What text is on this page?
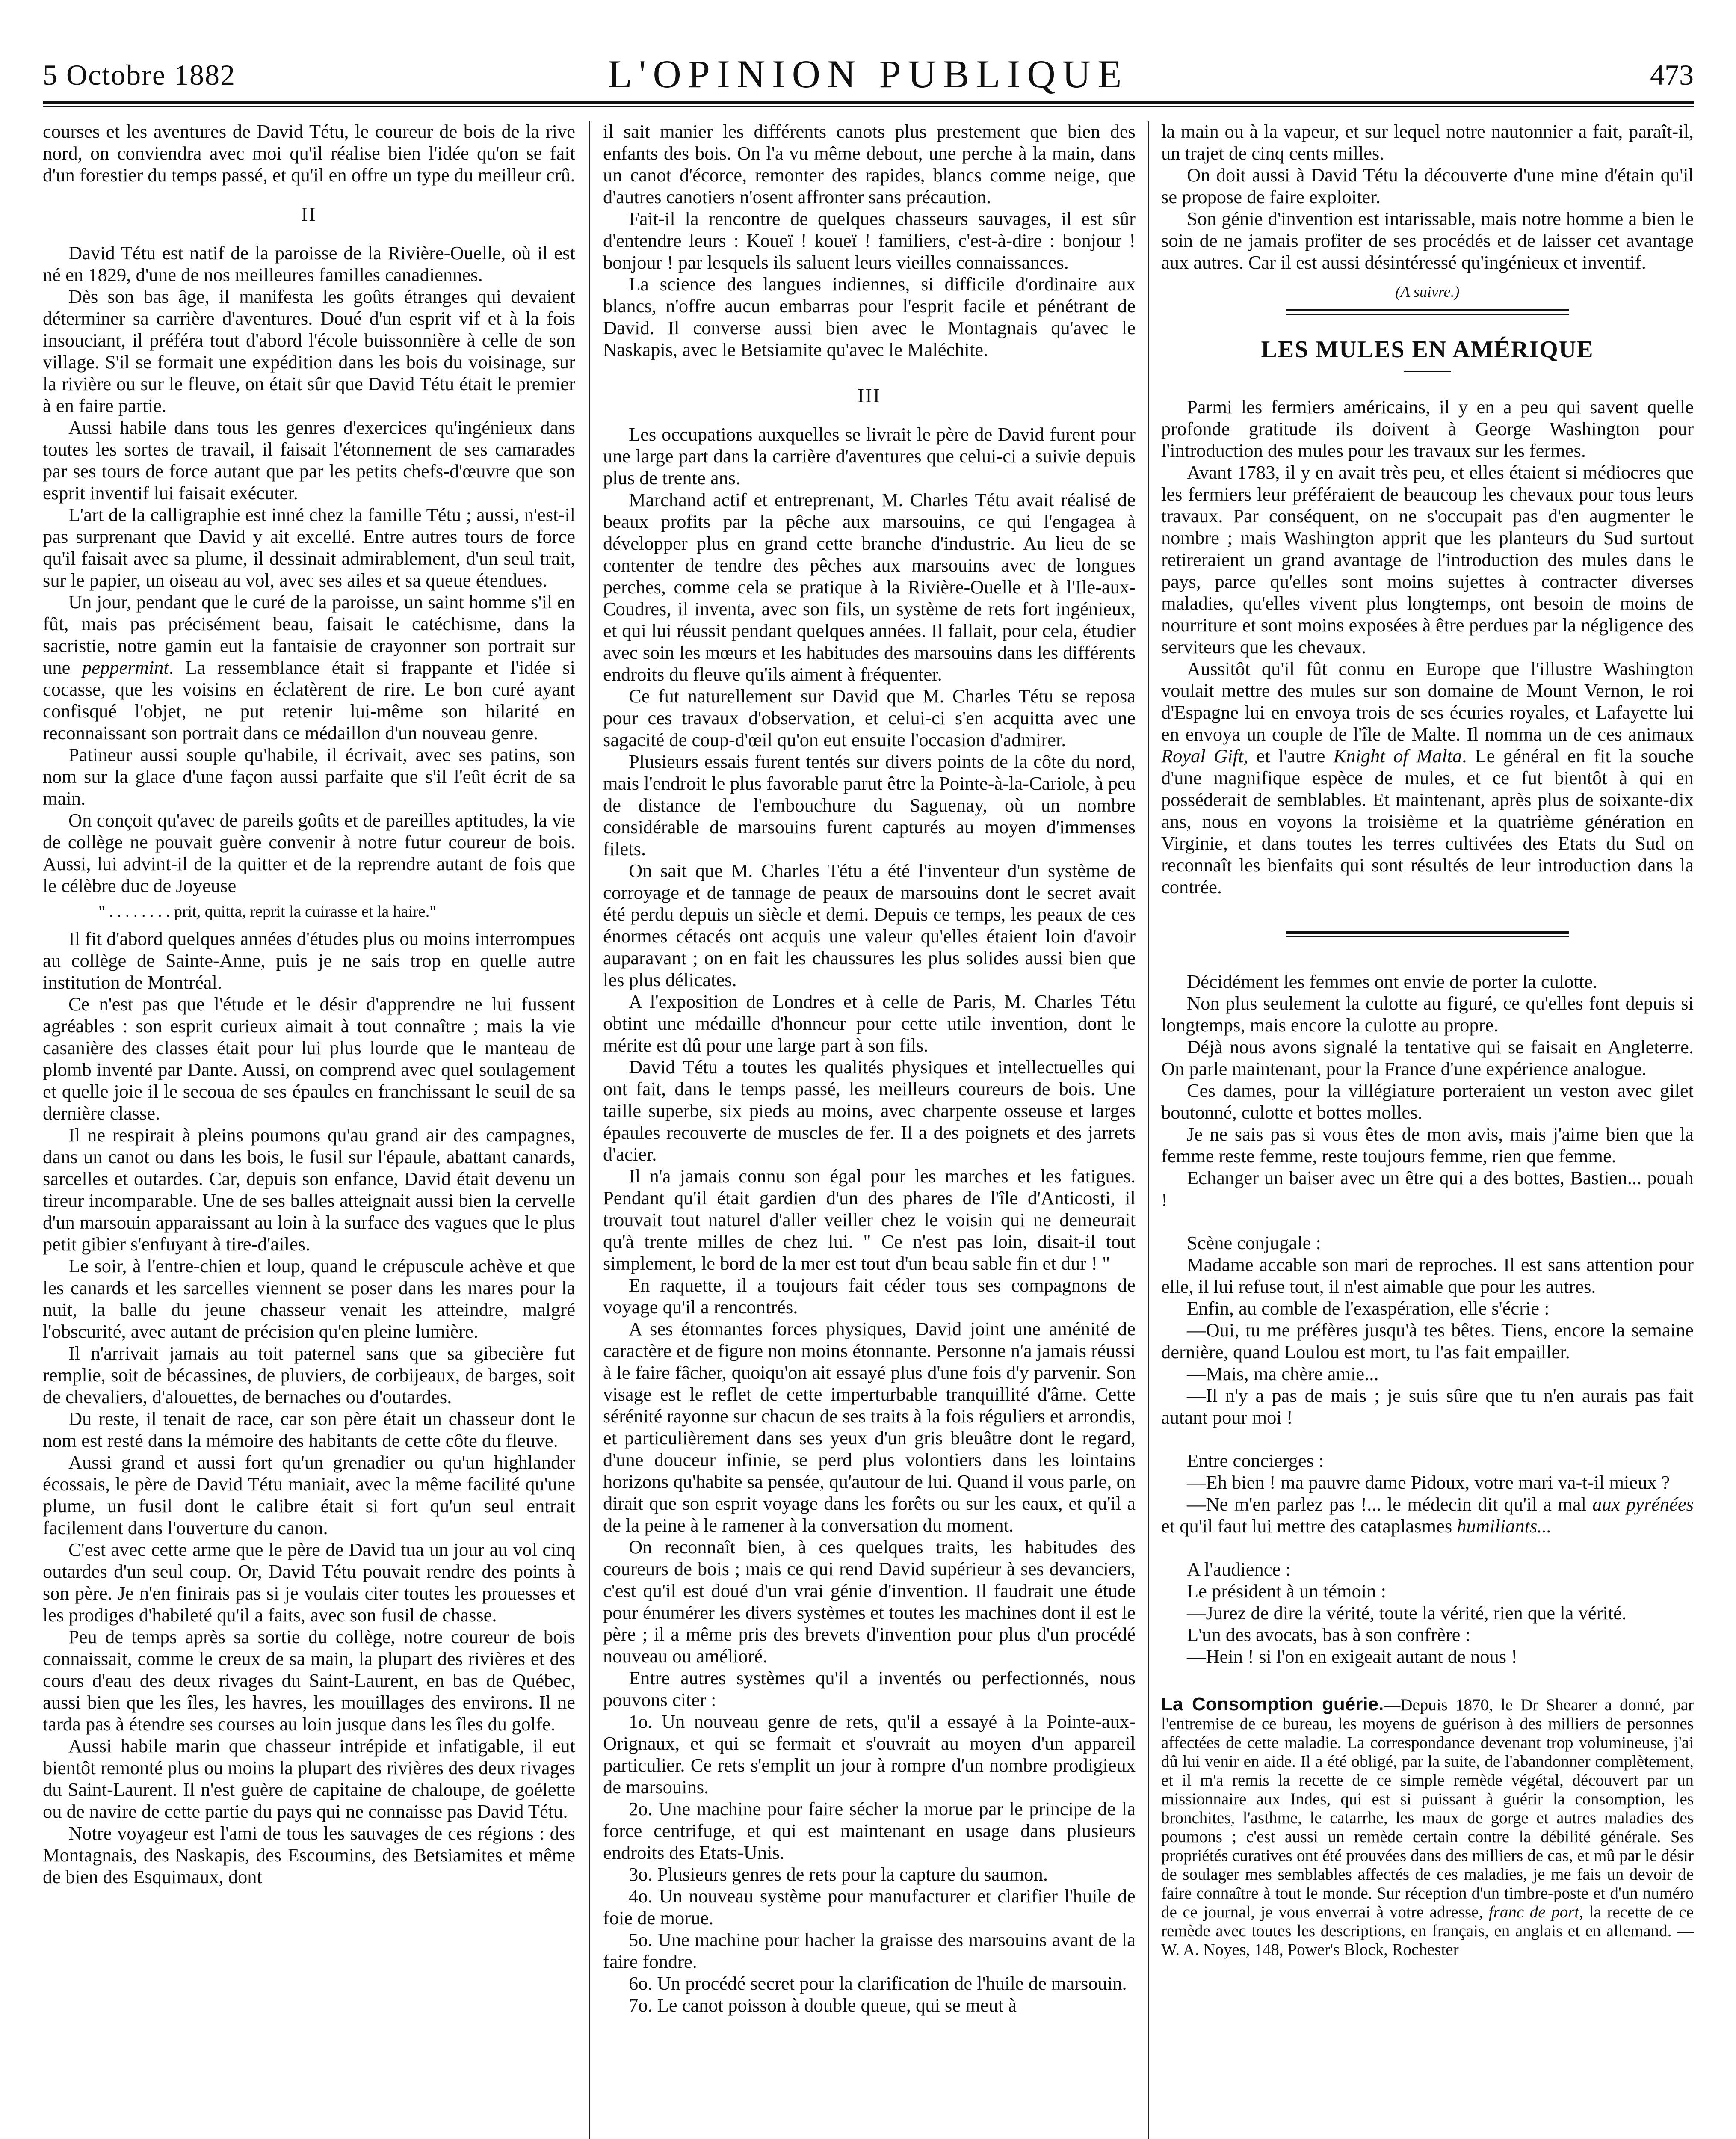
5 Octobre 1882	L'OPINION PUBLIQUE	473

courses et les aventures de David Tétu, le coureur de bois de la rive nord, on conviendra avec moi qu'il réalise bien l'idée qu'on se fait d'un forestier du temps passé, et qu'il en offre un type du meilleur crû.

II

David Tétu est natif de la paroisse de la Rivière-Ouelle, où il est né en 1829, d'une de nos meilleures familles canadiennes.

Dès son bas âge, il manifesta les goûts étranges qui devaient déterminer sa carrière d'aventures. Doué d'un esprit vif et à la fois insouciant, il préféra tout d'abord l'école buissonnière à celle de son village. S'il se formait une expédition dans les bois du voisinage, sur la rivière ou sur le fleuve, on était sûr que David Tétu était le premier à en faire partie.

Aussi habile dans tous les genres d'exercices qu'ingénieux dans toutes les sortes de travail, il faisait l'étonnement de ses camarades par ses tours de force autant que par les petits chefs-d'œuvre que son esprit inventif lui faisait exécuter.

L'art de la calligraphie est inné chez la famille Tétu ; aussi, n'est-il pas surprenant que David y ait excellé. Entre autres tours de force qu'il faisait avec sa plume, il dessinait admirablement, d'un seul trait, sur le papier, un oiseau au vol, avec ses ailes et sa queue étendues.

Un jour, pendant que le curé de la paroisse, un saint homme s'il en fût, mais pas précisément beau, faisait le catéchisme, dans la sacristie, notre gamin eut la fantaisie de crayonner son portrait sur une peppermint. La ressemblance était si frappante et l'idée si cocasse, que les voisins en éclatèrent de rire. Le bon curé ayant confisqué l'objet, ne put retenir lui-même son hilarité en reconnaissant son portrait dans ce médaillon d'un nouveau genre.

Patineur aussi souple qu'habile, il écrivait, avec ses patins, son nom sur la glace d'une façon aussi parfaite que s'il l'eût écrit de sa main.

On conçoit qu'avec de pareils goûts et de pareilles aptitudes, la vie de collège ne pouvait guère convenir à notre futur coureur de bois. Aussi, lui advint-il de la quitter et de la reprendre autant de fois que le célèbre duc de Joyeuse

" . . . . . . . . prit, quitta, reprit la cuirasse et la haire."

Il fit d'abord quelques années d'études plus ou moins interrompues au collège de Sainte-Anne, puis je ne sais trop en quelle autre institution de Montréal.

Ce n'est pas que l'étude et le désir d'apprendre ne lui fussent agréables : son esprit curieux aimait à tout connaître ; mais la vie casanière des classes était pour lui plus lourde que le manteau de plomb inventé par Dante. Aussi, on comprend avec quel soulagement et quelle joie il le secoua de ses épaules en franchissant le seuil de sa dernière classe.

Il ne respirait à pleins poumons qu'au grand air des campagnes, dans un canot ou dans les bois, le fusil sur l'épaule, abattant canards, sarcelles et outardes. Car, depuis son enfance, David était devenu un tireur incomparable. Une de ses balles atteignait aussi bien la cervelle d'un marsouin apparaissant au loin à la surface des vagues que le plus petit gibier s'enfuyant à tire-d'ailes.

Le soir, à l'entre-chien et loup, quand le crépuscule achève et que les canards et les sarcelles viennent se poser dans les mares pour la nuit, la balle du jeune chasseur venait les atteindre, malgré l'obscurité, avec autant de précision qu'en pleine lumière.

Il n'arrivait jamais au toit paternel sans que sa gibecière fut remplie, soit de bécassines, de pluviers, de corbijeaux, de barges, soit de chevaliers, d'alouettes, de bernaches ou d'outardes.

Du reste, il tenait de race, car son père était un chasseur dont le nom est resté dans la mémoire des habitants de cette côte du fleuve.

Aussi grand et aussi fort qu'un grenadier ou qu'un highlander écossais, le père de David Tétu maniait, avec la même facilité qu'une plume, un fusil dont le calibre était si fort qu'un seul entrait facilement dans l'ouverture du canon.

C'est avec cette arme que le père de David tua un jour au vol cinq outardes d'un seul coup. Or, David Tétu pouvait rendre des points à son père. Je n'en finirais pas si je voulais citer toutes les prouesses et les prodiges d'habileté qu'il a faits, avec son fusil de chasse.

Peu de temps après sa sortie du collège, notre coureur de bois connaissait, comme le creux de sa main, la plupart des rivières et des cours d'eau des deux rivages du Saint-Laurent, en bas de Québec, aussi bien que les îles, les havres, les mouillages des environs. Il ne tarda pas à étendre ses courses au loin jusque dans les îles du golfe.

Aussi habile marin que chasseur intrépide et infatigable, il eut bientôt remonté plus ou moins la plupart des rivières des deux rivages du Saint-Laurent. Il n'est guère de capitaine de chaloupe, de goélette ou de navire de cette partie du pays qui ne connaisse pas David Tétu.

Notre voyageur est l'ami de tous les sauvages de ces régions : des Montagnais, des Naskapis, des Escoumins, des Betsiamites et même de bien des Esquimaux, dont

il sait manier les différents canots plus prestement que bien des enfants des bois. On l'a vu même debout, une perche à la main, dans un canot d'écorce, remonter des rapides, blancs comme neige, que d'autres canotiers n'osent affronter sans précaution.

Fait-il la rencontre de quelques chasseurs sauvages, il est sûr d'entendre leurs : Koueï ! koueï ! familiers, c'est-à-dire : bonjour ! bonjour ! par lesquels ils saluent leurs vieilles connaissances.

La science des langues indiennes, si difficile d'ordinaire aux blancs, n'offre aucun embarras pour l'esprit facile et pénétrant de David. Il converse aussi bien avec le Montagnais qu'avec le Naskapis, avec le Betsiamite qu'avec le Maléchite.

III

Les occupations auxquelles se livrait le père de David furent pour une large part dans la carrière d'aventures que celui-ci a suivie depuis plus de trente ans.

Marchand actif et entreprenant, M. Charles Tétu avait réalisé de beaux profits par la pêche aux marsouins, ce qui l'engagea à développer plus en grand cette branche d'industrie. Au lieu de se contenter de tendre des pêches aux marsouins avec de longues perches, comme cela se pratique à la Rivière-Ouelle et à l'Ile-aux-Coudres, il inventa, avec son fils, un système de rets fort ingénieux, et qui lui réussit pendant quelques années. Il fallait, pour cela, étudier avec soin les mœurs et les habitudes des marsouins dans les différents endroits du fleuve qu'ils aiment à fréquenter.

Ce fut naturellement sur David que M. Charles Tétu se reposa pour ces travaux d'observation, et celui-ci s'en acquitta avec une sagacité de coup-d'œil qu'on eut ensuite l'occasion d'admirer.

Plusieurs essais furent tentés sur divers points de la côte du nord, mais l'endroit le plus favorable parut être la Pointe-à-la-Cariole, à peu de distance de l'embouchure du Saguenay, où un nombre considérable de marsouins furent capturés au moyen d'immenses filets.

On sait que M. Charles Tétu a été l'inventeur d'un système de corroyage et de tannage de peaux de marsouins dont le secret avait été perdu depuis un siècle et demi. Depuis ce temps, les peaux de ces énormes cétacés ont acquis une valeur qu'elles étaient loin d'avoir auparavant ; on en fait les chaussures les plus solides aussi bien que les plus délicates.

A l'exposition de Londres et à celle de Paris, M. Charles Tétu obtint une médaille d'honneur pour cette utile invention, dont le mérite est dû pour une large part à son fils.

David Tétu a toutes les qualités physiques et intellectuelles qui ont fait, dans le temps passé, les meilleurs coureurs de bois. Une taille superbe, six pieds au moins, avec charpente osseuse et larges épaules recouverte de muscles de fer. Il a des poignets et des jarrets d'acier.

Il n'a jamais connu son égal pour les marches et les fatigues. Pendant qu'il était gardien d'un des phares de l'île d'Anticosti, il trouvait tout naturel d'aller veiller chez le voisin qui ne demeurait qu'à trente milles de chez lui. " Ce n'est pas loin, disait-il tout simplement, le bord de la mer est tout d'un beau sable fin et dur ! "

En raquette, il a toujours fait céder tous ses compagnons de voyage qu'il a rencontrés.

A ses étonnantes forces physiques, David joint une aménité de caractère et de figure non moins étonnante. Personne n'a jamais réussi à le faire fâcher, quoiqu'on ait essayé plus d'une fois d'y parvenir. Son visage est le reflet de cette imperturbable tranquillité d'âme. Cette sérénité rayonne sur chacun de ses traits à la fois réguliers et arrondis, et particulièrement dans ses yeux d'un gris bleuâtre dont le regard, d'une douceur infinie, se perd plus volontiers dans les lointains horizons qu'habite sa pensée, qu'autour de lui. Quand il vous parle, on dirait que son esprit voyage dans les forêts ou sur les eaux, et qu'il a de la peine à le ramener à la conversation du moment.

On reconnaît bien, à ces quelques traits, les habitudes des coureurs de bois ; mais ce qui rend David supérieur à ses devanciers, c'est qu'il est doué d'un vrai génie d'invention. Il faudrait une étude pour énumérer les divers systèmes et toutes les machines dont il est le père ; il a même pris des brevets d'invention pour plus d'un procédé nouveau ou amélioré.

Entre autres systèmes qu'il a inventés ou perfectionnés, nous pouvons citer :

1o. Un nouveau genre de rets, qu'il a essayé à la Pointe-aux-Orignaux, et qui se fermait et s'ouvrait au moyen d'un appareil particulier. Ce rets s'emplit un jour à rompre d'un nombre prodigieux de marsouins.

2o. Une machine pour faire sécher la morue par le principe de la force centrifuge, et qui est maintenant en usage dans plusieurs endroits des Etats-Unis.

3o. Plusieurs genres de rets pour la capture du saumon.

4o. Un nouveau système pour manufacturer et clarifier l'huile de foie de morue.

5o. Une machine pour hacher la graisse des marsouins avant de la faire fondre.

6o. Un procédé secret pour la clarification de l'huile de marsouin.

7o. Le canot poisson à double queue, qui se meut à

la main ou à la vapeur, et sur lequel notre nautonnier a fait, paraît-il, un trajet de cinq cents milles.

On doit aussi à David Tétu la découverte d'une mine d'étain qu'il se propose de faire exploiter.

Son génie d'invention est intarissable, mais notre homme a bien le soin de ne jamais profiter de ses procédés et de laisser cet avantage aux autres. Car il est aussi désintéressé qu'ingénieux et inventif.

(A suivre.)

LES MULES EN AMÉRIQUE

Parmi les fermiers américains, il y en a peu qui savent quelle profonde gratitude ils doivent à George Washington pour l'introduction des mules pour les travaux sur les fermes.

Avant 1783, il y en avait très peu, et elles étaient si médiocres que les fermiers leur préféraient de beaucoup les chevaux pour tous leurs travaux. Par conséquent, on ne s'occupait pas d'en augmenter le nombre ; mais Washington apprit que les planteurs du Sud surtout retireraient un grand avantage de l'introduction des mules dans le pays, parce qu'elles sont moins sujettes à contracter diverses maladies, qu'elles vivent plus longtemps, ont besoin de moins de nourriture et sont moins exposées à être perdues par la négligence des serviteurs que les chevaux.

Aussitôt qu'il fût connu en Europe que l'illustre Washington voulait mettre des mules sur son domaine de Mount Vernon, le roi d'Espagne lui en envoya trois de ses écuries royales, et Lafayette lui en envoya un couple de l'île de Malte. Il nomma un de ces animaux Royal Gift, et l'autre Knight of Malta. Le général en fit la souche d'une magnifique espèce de mules, et ce fut bientôt à qui en posséderait de semblables. Et maintenant, après plus de soixante-dix ans, nous en voyons la troisième et la quatrième génération en Virginie, et dans toutes les terres cultivées des Etats du Sud on reconnaît les bienfaits qui sont résultés de leur introduction dans la contrée.

Décidément les femmes ont envie de porter la culotte.

Non plus seulement la culotte au figuré, ce qu'elles font depuis si longtemps, mais encore la culotte au propre.

Déjà nous avons signalé la tentative qui se faisait en Angleterre. On parle maintenant, pour la France d'une expérience analogue.

Ces dames, pour la villégiature porteraient un veston avec gilet boutonné, culotte et bottes molles.

Je ne sais pas si vous êtes de mon avis, mais j'aime bien que la femme reste femme, reste toujours femme, rien que femme.

Echanger un baiser avec un être qui a des bottes, Bastien... pouah !

Scène conjugale :

Madame accable son mari de reproches. Il est sans attention pour elle, il lui refuse tout, il n'est aimable que pour les autres.

Enfin, au comble de l'exaspération, elle s'écrie :

—Oui, tu me préfères jusqu'à tes bêtes. Tiens, encore la semaine dernière, quand Loulou est mort, tu l'as fait empailler.

—Mais, ma chère amie...

—Il n'y a pas de mais ; je suis sûre que tu n'en aurais pas fait autant pour moi !

Entre concierges :

—Eh bien ! ma pauvre dame Pidoux, votre mari va-t-il mieux ?

—Ne m'en parlez pas !... le médecin dit qu'il a mal aux pyrénées et qu'il faut lui mettre des cataplasmes humiliants...

A l'audience :

Le président à un témoin :

—Jurez de dire la vérité, toute la vérité, rien que la vérité.

L'un des avocats, bas à son confrère :

—Hein ! si l'on en exigeait autant de nous !

La Consomption guérie.—Depuis 1870, le Dr Shearer a donné, par l'entremise de ce bureau, les moyens de guérison à des milliers de personnes affectées de cette maladie. La correspondance devenant trop volumineuse, j'ai dû lui venir en aide. Il a été obligé, par la suite, de l'abandonner complètement, et il m'a remis la recette de ce simple remède végétal, découvert par un missionnaire aux Indes, qui est si puissant à guérir la consomption, les bronchites, l'asthme, le catarrhe, les maux de gorge et autres maladies des poumons ; c'est aussi un remède certain contre la débilité générale. Ses propriétés curatives ont été prouvées dans des milliers de cas, et mû par le désir de soulager mes semblables affectés de ces maladies, je me fais un devoir de faire connaître à tout le monde. Sur réception d'un timbre-poste et d'un numéro de ce journal, je vous enverrai à votre adresse, franc de port, la recette de ce remède avec toutes les descriptions, en français, en anglais et en allemand. — W. A. Noyes, 148, Power's Block, Rochester
